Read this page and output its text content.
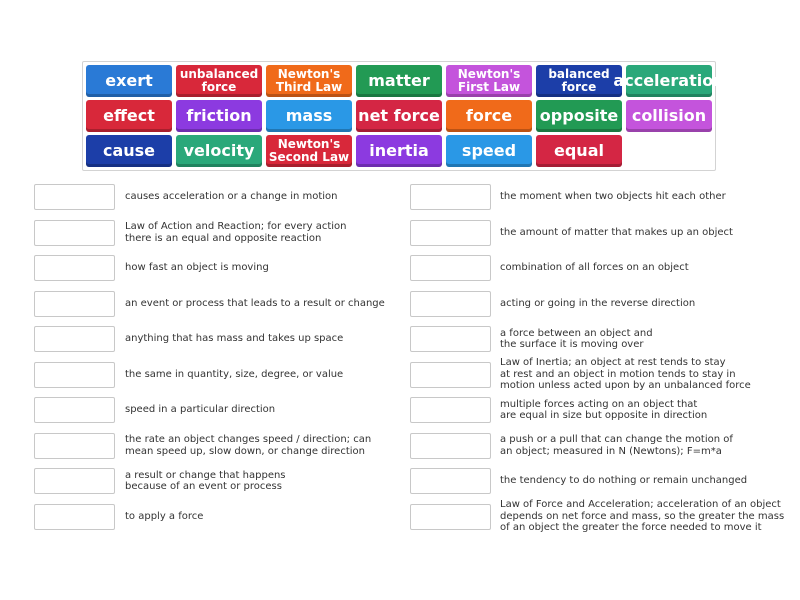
exert unbalanced
force
Newton's
Third Law matter Newton's
First Law
balanced
force	acceleration
effect friction mass net force force opposite collision
cause velocity	Newton's
Second Law inertia speed equal
causes acceleration or a change in motion
Law of Action and Reaction; for every action
there is an equal and opposite reaction
how fast an object is moving
an event or process that leads to a result or change
anything that has mass and takes up space
the same in quantity, size, degree, or value
speed in a particular direction
the rate an object changes speed / direction; can
mean speed up, slow down, or change direction
a result or change that happens
because of an event or process
to apply a force
the moment when two objects hit each other
the amount of matter that makes up an object
combination of all forces on an object
acting or going in the reverse direction
a force between an object and
the surface it is moving over
Law of Inertia; an object at rest tends to stay
at rest and an object in motion tends to stay in
motion unless acted upon by an unbalanced force
multiple forces acting on an object that
are equal in size but opposite in direction
a push or a pull that can change the motion of
an object; measured in N (Newtons); F=m*a
the tendency to do nothing or remain unchanged
Law of Force and Acceleration; acceleration of an object
depends on net force and mass, so the greater the mass
of an object the greater the force needed to move it
